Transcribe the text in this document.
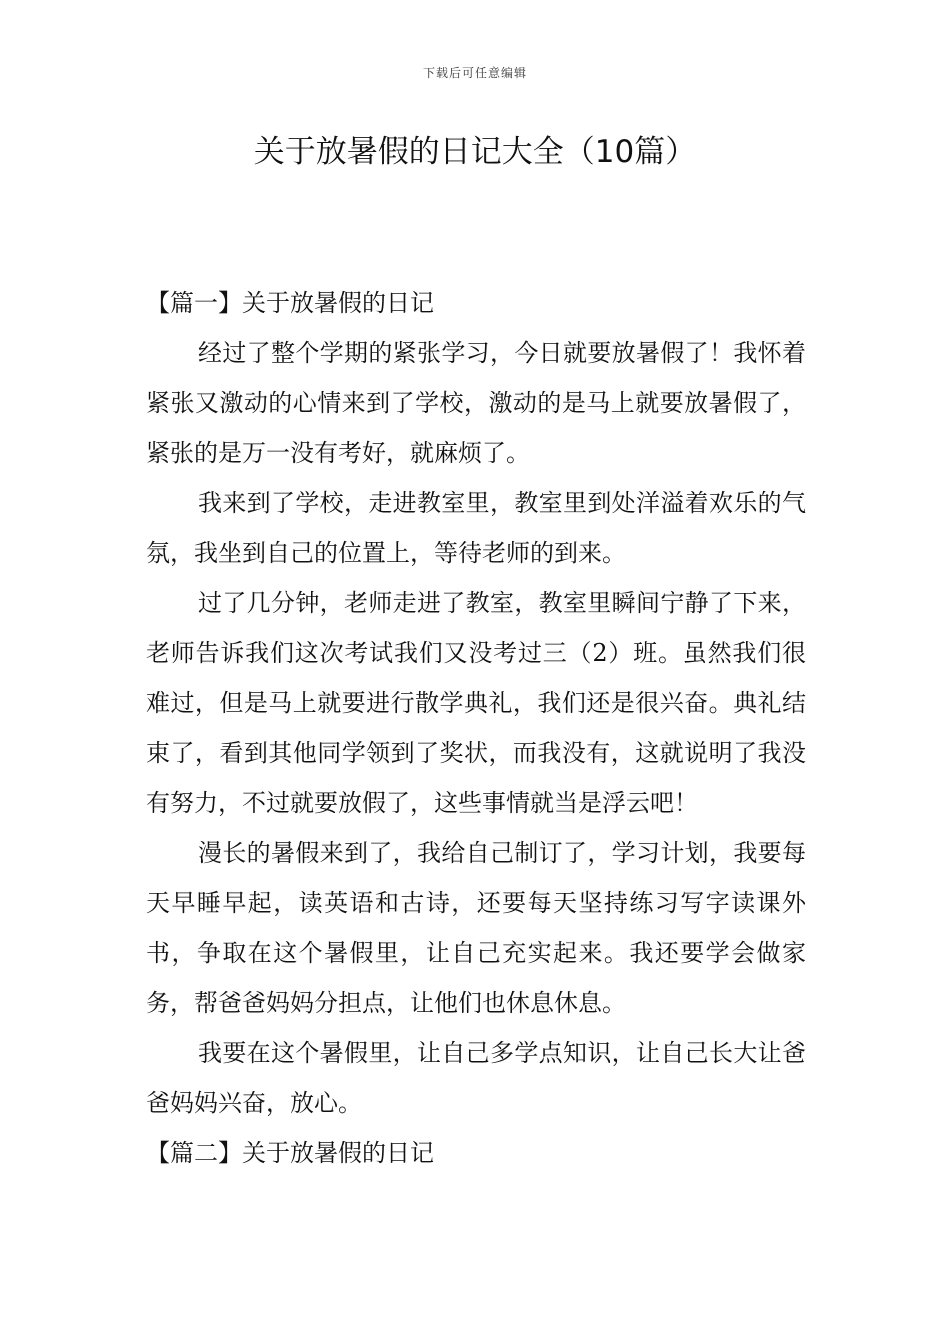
下载后可任意编辑
关于放暑假的日记大全（10篇）
【篇一】关于放暑假的日记

经过了整个学期的紧张学习，今日就要放暑假了！我怀着紧张又激动的心情来到了学校，激动的是马上就要放暑假了，紧张的是万一没有考好，就麻烦了。

我来到了学校，走进教室里，教室里到处洋溢着欢乐的气氛，我坐到自己的位置上，等待老师的到来。

过了几分钟，老师走进了教室，教室里瞬间宁静了下来，老师告诉我们这次考试我们又没考过三（2）班。虽然我们很难过，但是马上就要进行散学典礼，我们还是很兴奋。典礼结束了，看到其他同学领到了奖状，而我没有，这就说明了我没有努力，不过就要放假了，这些事情就当是浮云吧！

漫长的暑假来到了，我给自己制订了，学习计划，我要每天早睡早起，读英语和古诗，还要每天坚持练习写字读课外书，争取在这个暑假里，让自己充实起来。我还要学会做家务，帮爸爸妈妈分担点，让他们也休息休息。

我要在这个暑假里，让自己多学点知识，让自己长大让爸爸妈妈兴奋，放心。

【篇二】关于放暑假的日记
